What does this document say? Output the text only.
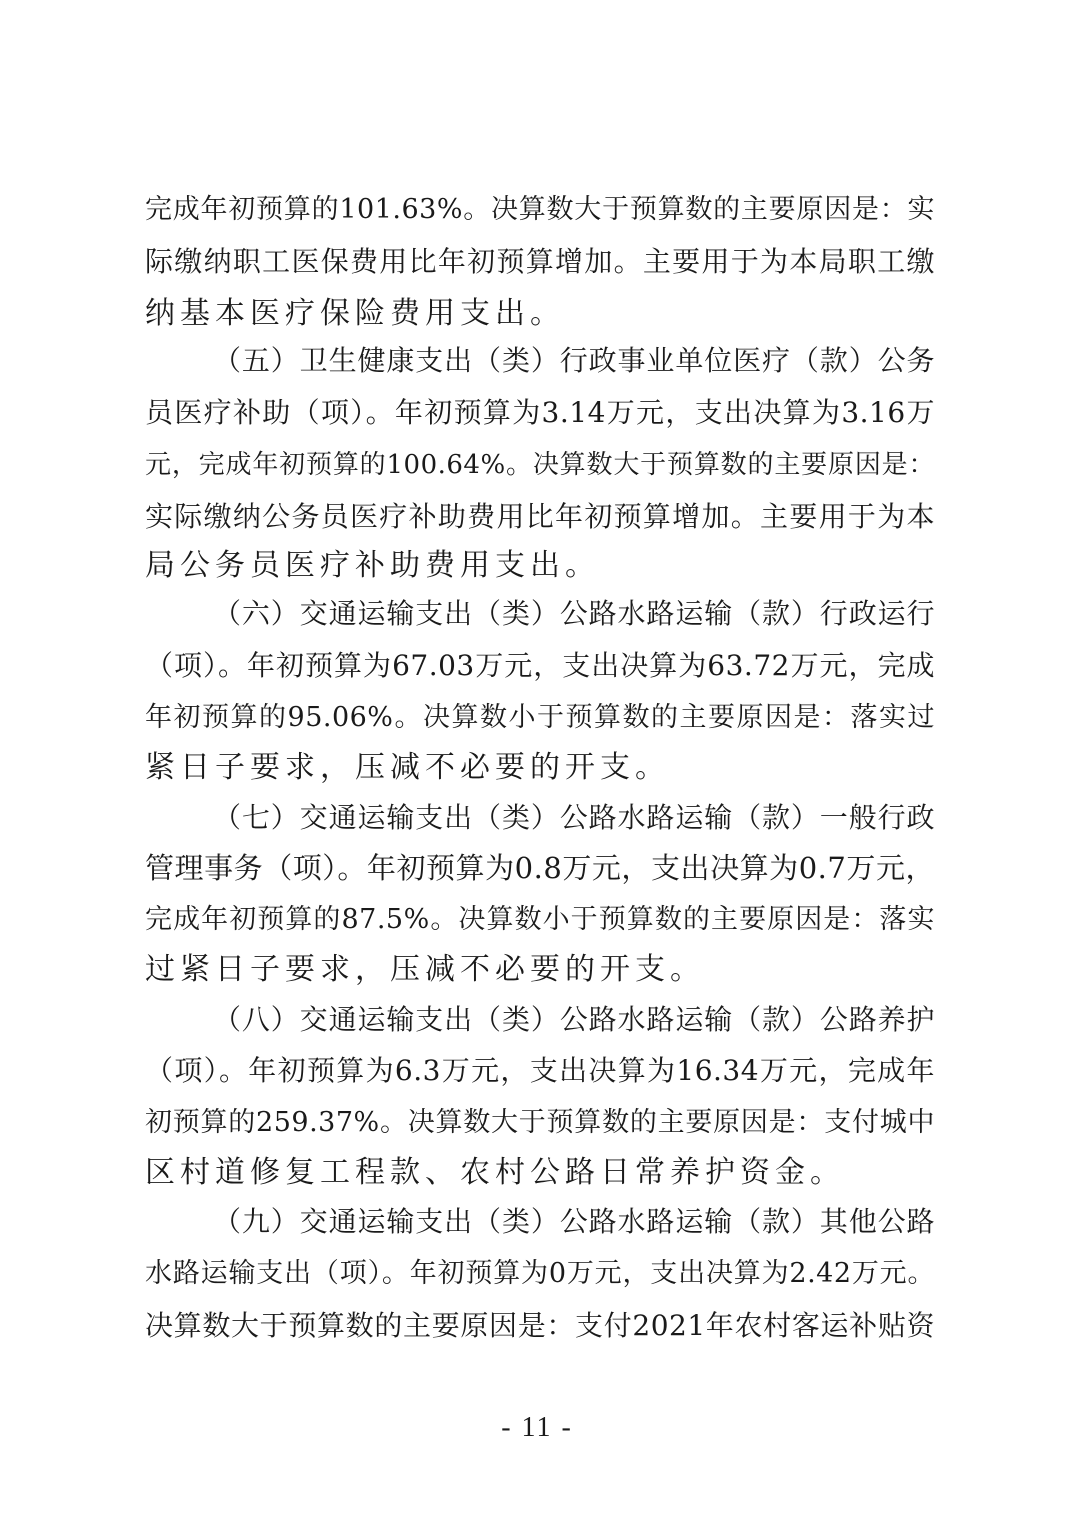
完成年初预算的101.63%。决算数大于预算数的主要原因是：实
际缴纳职工医保费用比年初预算增加。主要用于为本局职工缴
纳基本医疗保险费用支出。
（五）卫生健康支出（类）行政事业单位医疗（款）公务
员医疗补助（项）。年初预算为3.14万元，支出决算为3.16万
元，完成年初预算的100.64%。决算数大于预算数的主要原因是：
实际缴纳公务员医疗补助费用比年初预算增加。主要用于为本
局公务员医疗补助费用支出。
（六）交通运输支出（类）公路水路运输（款）行政运行
（项）。年初预算为67.03万元，支出决算为63.72万元，完成
年初预算的95.06%。决算数小于预算数的主要原因是：落实过
紧日子要求，压减不必要的开支。
（七）交通运输支出（类）公路水路运输（款）一般行政
管理事务（项）。年初预算为0.8万元，支出决算为0.7万元，
完成年初预算的87.5%。决算数小于预算数的主要原因是：落实
过紧日子要求，压减不必要的开支。
（八）交通运输支出（类）公路水路运输（款）公路养护
（项）。年初预算为6.3万元，支出决算为16.34万元，完成年
初预算的259.37%。决算数大于预算数的主要原因是：支付城中
区村道修复工程款、农村公路日常养护资金。
（九）交通运输支出（类）公路水路运输（款）其他公路
水路运输支出（项）。年初预算为0万元，支出决算为2.42万元。
决算数大于预算数的主要原因是：支付2021年农村客运补贴资
- 11 -
